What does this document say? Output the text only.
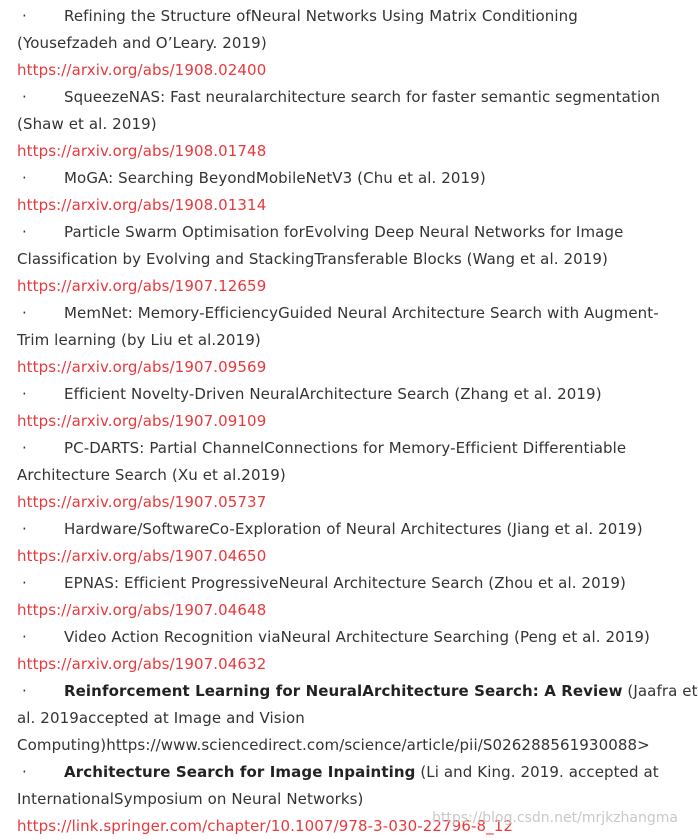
· Refining the Structure ofNeural Networks Using Matrix Conditioning
(Yousefzadeh and O’Leary. 2019)
https://arxiv.org/abs/1908.02400
· SqueezeNAS: Fast neuralarchitecture search for faster semantic segmentation
(Shaw et al. 2019)
https://arxiv.org/abs/1908.01748
· MoGA: Searching BeyondMobileNetV3 (Chu et al. 2019)
https://arxiv.org/abs/1908.01314
· Particle Swarm Optimisation forEvolving Deep Neural Networks for Image
Classification by Evolving and StackingTransferable Blocks (Wang et al. 2019)
https://arxiv.org/abs/1907.12659
· MemNet: Memory-EfficiencyGuided Neural Architecture Search with Augment-
Trim learning (by Liu et al.2019)
https://arxiv.org/abs/1907.09569
· Efficient Novelty-Driven NeuralArchitecture Search (Zhang et al. 2019)
https://arxiv.org/abs/1907.09109
· PC-DARTS: Partial ChannelConnections for Memory-Efficient Differentiable
Architecture Search (Xu et al.2019)
https://arxiv.org/abs/1907.05737
· Hardware/SoftwareCo-Exploration of Neural Architectures (Jiang et al. 2019)
https://arxiv.org/abs/1907.04650
· EPNAS: Efficient ProgressiveNeural Architecture Search (Zhou et al. 2019)
https://arxiv.org/abs/1907.04648
· Video Action Recognition viaNeural Architecture Searching (Peng et al. 2019)
https://arxiv.org/abs/1907.04632
· Reinforcement Learning for NeuralArchitecture Search: A Review (Jaafra et
al. 2019accepted at Image and Vision
Computing)https://www.sciencedirect.com/science/article/pii/S026288561930088>
· Architecture Search for Image Inpainting (Li and King. 2019. accepted at
InternationalSymposium on Neural Networks)
https://link.springer.com/chapter/10.1007/978-3-030-22796-8_12
https://blog.csdn.net/mrjkzhangma
